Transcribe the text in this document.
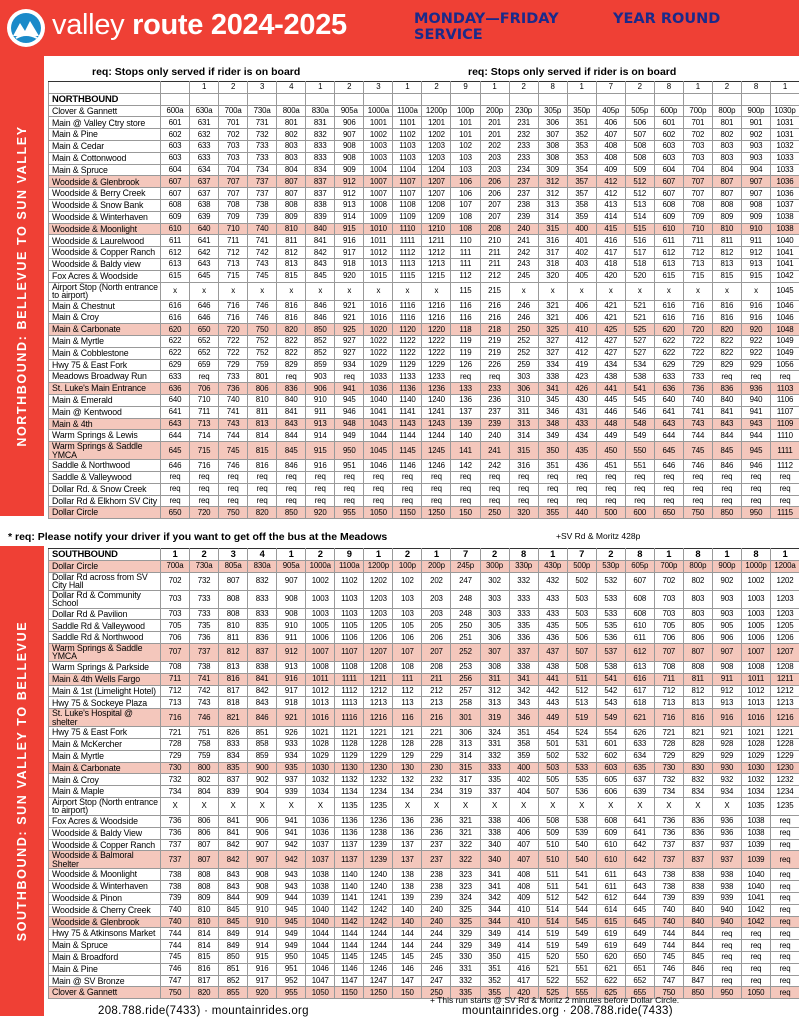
valley route 2024-2025	MONDAY—FRIDAY
SERVICE
YEAR ROUND
NORTHBOUND: BELLEVUE TO SUN VALLEY
SOUTHBOUND: SUN VALLEY TO BELLEVUE
req: Stops only served if rider is on board	req: Stops only served if rider is on board
		1	2	3	4	1	2	3	1	2	9	1	2	8	1	7	2	8	1	2	8	1
NORTHBOUND																						
Clover & Gannett	600a	630a	700a	730a	800a	830a	905a	1000a	1100a	1200p	100p	200p	230p	305p	350p	405p	505p	600p	700p	800p	900p	1030p
Main @ Valley Ctry store	601	631	701	731	801	831	906	1001	1101	1201	101	201	231	306	351	406	506	601	701	801	901	1031
Main & Pine	602	632	702	732	802	832	907	1002	1102	1202	101	201	232	307	352	407	507	602	702	802	902	1031
Main & Cedar	603	633	703	733	803	833	908	1003	1103	1203	102	202	233	308	353	408	508	603	703	803	903	1032
Main & Cottonwood	603	633	703	733	803	833	908	1003	1103	1203	103	203	233	308	353	408	508	603	703	803	903	1033
Main & Spruce	604	634	704	734	804	834	909	1004	1104	1204	103	203	234	309	354	409	509	604	704	804	904	1033
Woodside & Glenbrook	607	637	707	737	807	837	912	1007	1107	1207	106	206	237	312	357	412	512	607	707	807	907	1036
Woodside & Berry Creek	607	637	707	737	807	837	912	1007	1107	1207	106	206	237	312	357	412	512	607	707	807	907	1036
Woodside & Snow Bank	608	638	708	738	808	838	913	1008	1108	1208	107	207	238	313	358	413	513	608	708	808	908	1037
Woodside & Winterhaven	609	639	709	739	809	839	914	1009	1109	1209	108	207	239	314	359	414	514	609	709	809	909	1038
Woodside & Moonlight	610	640	710	740	810	840	915	1010	1110	1210	108	208	240	315	400	415	515	610	710	810	910	1038
Woodside & Laurelwood	611	641	711	741	811	841	916	1011	1111	1211	110	210	241	316	401	416	516	611	711	811	911	1040
Woodside & Copper Ranch	612	642	712	742	812	842	917	1012	1112	1212	111	211	242	317	402	417	517	612	712	812	912	1041
Woodside & Baldy view	613	643	713	743	813	843	918	1013	1113	1213	111	211	243	318	403	418	518	613	713	813	913	1041
Fox Acres & Woodside	615	645	715	745	815	845	920	1015	1115	1215	112	212	245	320	405	420	520	615	715	815	915	1042
Airport Stop (North entrance to airport)	x	x	x	x	x	x	x	x	x	x	115	215	x	x	x	x	x	x	x	x	x	1045
Main & Chestnut	616	646	716	746	816	846	921	1016	1116	1216	116	216	246	321	406	421	521	616	716	816	916	1046
Main & Croy	616	646	716	746	816	846	921	1016	1116	1216	116	216	246	321	406	421	521	616	716	816	916	1046
Main & Carbonate	620	650	720	750	820	850	925	1020	1120	1220	118	218	250	325	410	425	525	620	720	820	920	1048
Main & Myrtle	622	652	722	752	822	852	927	1022	1122	1222	119	219	252	327	412	427	527	622	722	822	922	1049
Main & Cobblestone	622	652	722	752	822	852	927	1022	1122	1222	119	219	252	327	412	427	527	622	722	822	922	1049
Hwy 75 & East Fork	629	659	729	759	829	859	934	1029	1129	1229	126	226	259	334	419	434	534	629	729	829	929	1056
Meadows Broadway Run	633	req	733	801	req	903	req	1033	1133	1233	req	req	303	338	423	438	538	633	733	req	req	req
St. Luke's Main Entrance	636	706	736	806	836	906	941	1036	1136	1236	133	233	306	341	426	441	541	636	736	836	936	1103
Main & Emerald	640	710	740	810	840	910	945	1040	1140	1240	136	236	310	345	430	445	545	640	740	840	940	1106
Main @ Kentwood	641	711	741	811	841	911	946	1041	1141	1241	137	237	311	346	431	446	546	641	741	841	941	1107
Main & 4th	643	713	743	813	843	913	948	1043	1143	1243	139	239	313	348	433	448	548	643	743	843	943	1109
Warm Springs & Lewis	644	714	744	814	844	914	949	1044	1144	1244	140	240	314	349	434	449	549	644	744	844	944	1110
Warm Springs & Saddle YMCA	645	715	745	815	845	915	950	1045	1145	1245	141	241	315	350	435	450	550	645	745	845	945	1111
Saddle & Northwood	646	716	746	816	846	916	951	1046	1146	1246	142	242	316	351	436	451	551	646	746	846	946	1112
Saddle & Valleywood	req	req	req	req	req	req	req	req	req	req	req	req	req	req	req	req	req	req	req	req	req	req
Dollar Rd. & Snow Creek	req	req	req	req	req	req	req	req	req	req	req	req	req	req	req	req	req	req	req	req	req	req
Dollar Rd & Elkhorn SV City	req	req	req	req	req	req	req	req	req	req	req	req	req	req	req	req	req	req	req	req	req	req
Dollar Circle	650	720	750	820	850	920	955	1050	1150	1250	150	250	320	355	440	500	600	650	750	850	950	1115
* req: Please notify your driver if you want to get off the bus at the Meadows	+SV Rd & Moritz 428p
SOUTHBOUND	1	2	3	4	1	2	9	1	2	1	7	2	8	1	7	2	8	1	8	1	8	1
Dollar Circle	700a	730a	805a	830a	905a	1000a	1100a	1200p	100p	200p	245p	300p	330p	430p	500p	530p	605p	700p	800p	900p	1000p	1200a
Dollar Rd across from SV City Hall	702	732	807	832	907	1002	1102	1202	102	202	247	302	332	432	502	532	607	702	802	902	1002	1202
Dollar Rd & Community School	703	733	808	833	908	1003	1103	1203	103	203	248	303	333	433	503	533	608	703	803	903	1003	1203
Dollar Rd & Pavilion	703	733	808	833	908	1003	1103	1203	103	203	248	303	333	433	503	533	608	703	803	903	1003	1203
Saddle Rd & Valleywood	705	735	810	835	910	1005	1105	1205	105	205	250	305	335	435	505	535	610	705	805	905	1005	1205
Saddle Rd & Northwood	706	736	811	836	911	1006	1106	1206	106	206	251	306	336	436	506	536	611	706	806	906	1006	1206
Warm Springs & Saddle YMCA	707	737	812	837	912	1007	1107	1207	107	207	252	307	337	437	507	537	612	707	807	907	1007	1207
Warm Springs & Parkside	708	738	813	838	913	1008	1108	1208	108	208	253	308	338	438	508	538	613	708	808	908	1008	1208
Main & 4th Wells Fargo	711	741	816	841	916	1011	1111	1211	111	211	256	311	341	441	511	541	616	711	811	911	1011	1211
Main & 1st (Limelight Hotel)	712	742	817	842	917	1012	1112	1212	112	212	257	312	342	442	512	542	617	712	812	912	1012	1212
Hwy 75 & Sockeye Plaza	713	743	818	843	918	1013	1113	1213	113	213	258	313	343	443	513	543	618	713	813	913	1013	1213
St. Luke's Hospital @ shelter	716	746	821	846	921	1016	1116	1216	116	216	301	319	346	449	519	549	621	716	816	916	1016	1216
Hwy 75 & East Fork	721	751	826	851	926	1021	1121	1221	121	221	306	324	351	454	524	554	626	721	821	921	1021	1221
Main & McKercher	728	758	833	858	933	1028	1128	1228	128	228	313	331	358	501	531	601	633	728	828	928	1028	1228
Main & Myrtle	729	759	834	859	934	1029	1129	1229	129	229	314	332	359	502	532	602	634	729	829	929	1029	1229
Main & Carbonate	730	800	835	900	935	1030	1130	1230	130	230	315	333	400	503	533	603	635	730	830	930	1030	1230
Main & Croy	732	802	837	902	937	1032	1132	1232	132	232	317	335	402	505	535	605	637	732	832	932	1032	1232
Main & Maple	734	804	839	904	939	1034	1134	1234	134	234	319	337	404	507	536	606	639	734	834	934	1034	1234
Airport Stop (North entrance to airport)	X	X	X	X	X	X	1135	1235	X	X	X	X	X	X	X	X	X	X	X	X	1035	1235
Fox Acres & Woodside	736	806	841	906	941	1036	1136	1236	136	236	321	338	406	508	538	608	641	736	836	936	1038	req
Woodside & Baldy View	736	806	841	906	941	1036	1136	1238	136	236	321	338	406	509	539	609	641	736	836	936	1038	req
Woodside & Copper Ranch	737	807	842	907	942	1037	1137	1239	137	237	322	340	407	510	540	610	642	737	837	937	1039	req
Woodside & Balmoral Shelter	737	807	842	907	942	1037	1137	1239	137	237	322	340	407	510	540	610	642	737	837	937	1039	req
Woodside & Moonlight	738	808	843	908	943	1038	1140	1240	138	238	323	341	408	511	541	611	643	738	838	938	1040	req
Woodside & Winterhaven	738	808	843	908	943	1038	1140	1240	138	238	323	341	408	511	541	611	643	738	838	938	1040	req
Woodside & Pinon	739	809	844	909	944	1039	1141	1241	139	239	324	342	409	512	542	612	644	739	839	939	1041	req
Woodside & Cherry Creek	740	810	845	910	945	1040	1142	1242	140	240	325	344	410	514	544	614	645	740	840	940	1042	req
Woodside & Glenbrook	740	810	845	910	945	1040	1142	1242	140	240	325	344	410	514	545	615	645	740	840	940	1042	req
Hwy 75 & Atkinsons Market	744	814	849	914	949	1044	1144	1244	144	244	329	349	414	519	549	619	649	744	844	req	req	req
Main & Spruce	744	814	849	914	949	1044	1144	1244	144	244	329	349	414	519	549	619	649	744	844	req	req	req
Main & Broadford	745	815	850	915	950	1045	1145	1245	145	245	330	350	415	520	550	620	650	745	845	req	req	req
Main & Pine	746	816	851	916	951	1046	1146	1246	146	246	331	351	416	521	551	621	651	746	846	req	req	req
Main @ SV Bronze	747	817	852	917	952	1047	1147	1247	147	247	332	352	417	522	552	622	652	747	847	req	req	req
Clover & Gannett	750	820	855	920	955	1050	1150	1250	150	250	335	355	420	525	555	625	655	750	850	950	1050	req
+ This run starts @ SV Rd & Moritz 2 minutes before Dollar Circle.
208.788.ride(7433) · mountainrides.org	mountainrides.org · 208.788.ride(7433)
